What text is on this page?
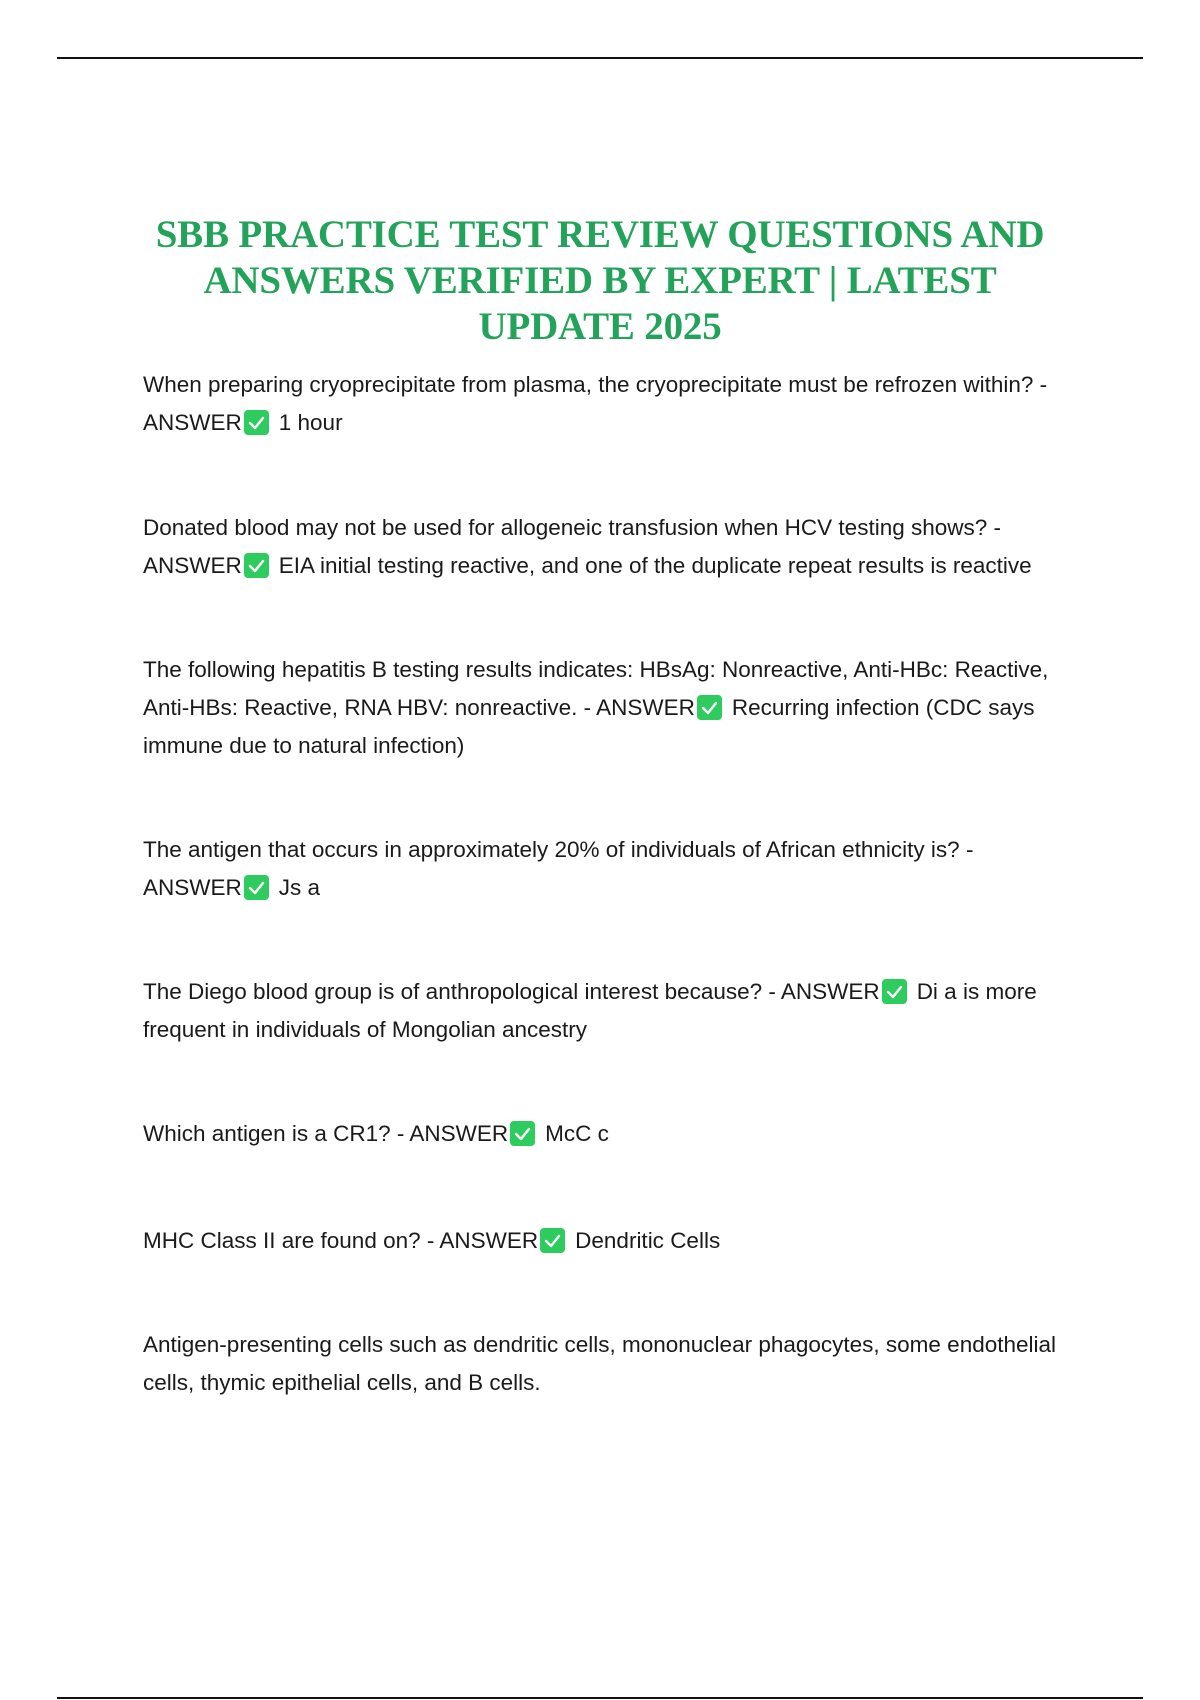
SBB PRACTICE TEST REVIEW QUESTIONS AND
ANSWERS VERIFIED BY EXPERT | LATEST
UPDATE 2025

When preparing cryoprecipitate from plasma, the cryoprecipitate must be refrozen within? - ANSWER 1 hour

Donated blood may not be used for allogeneic transfusion when HCV testing shows? - ANSWER EIA initial testing reactive, and one of the duplicate repeat results is reactive

The following hepatitis B testing results indicates: HBsAg: Nonreactive, Anti-HBc: Reactive, Anti-HBs: Reactive, RNA HBV: nonreactive. - ANSWER Recurring infection (CDC says immune due to natural infection)

The antigen that occurs in approximately 20% of individuals of African ethnicity is? - ANSWER Js a

The Diego blood group is of anthropological interest because? - ANSWER Di a is more frequent in individuals of Mongolian ancestry

Which antigen is a CR1? - ANSWER McC c

MHC Class II are found on? - ANSWER Dendritic Cells

Antigen-presenting cells such as dendritic cells, mononuclear phagocytes, some endothelial cells, thymic epithelial cells, and B cells.
